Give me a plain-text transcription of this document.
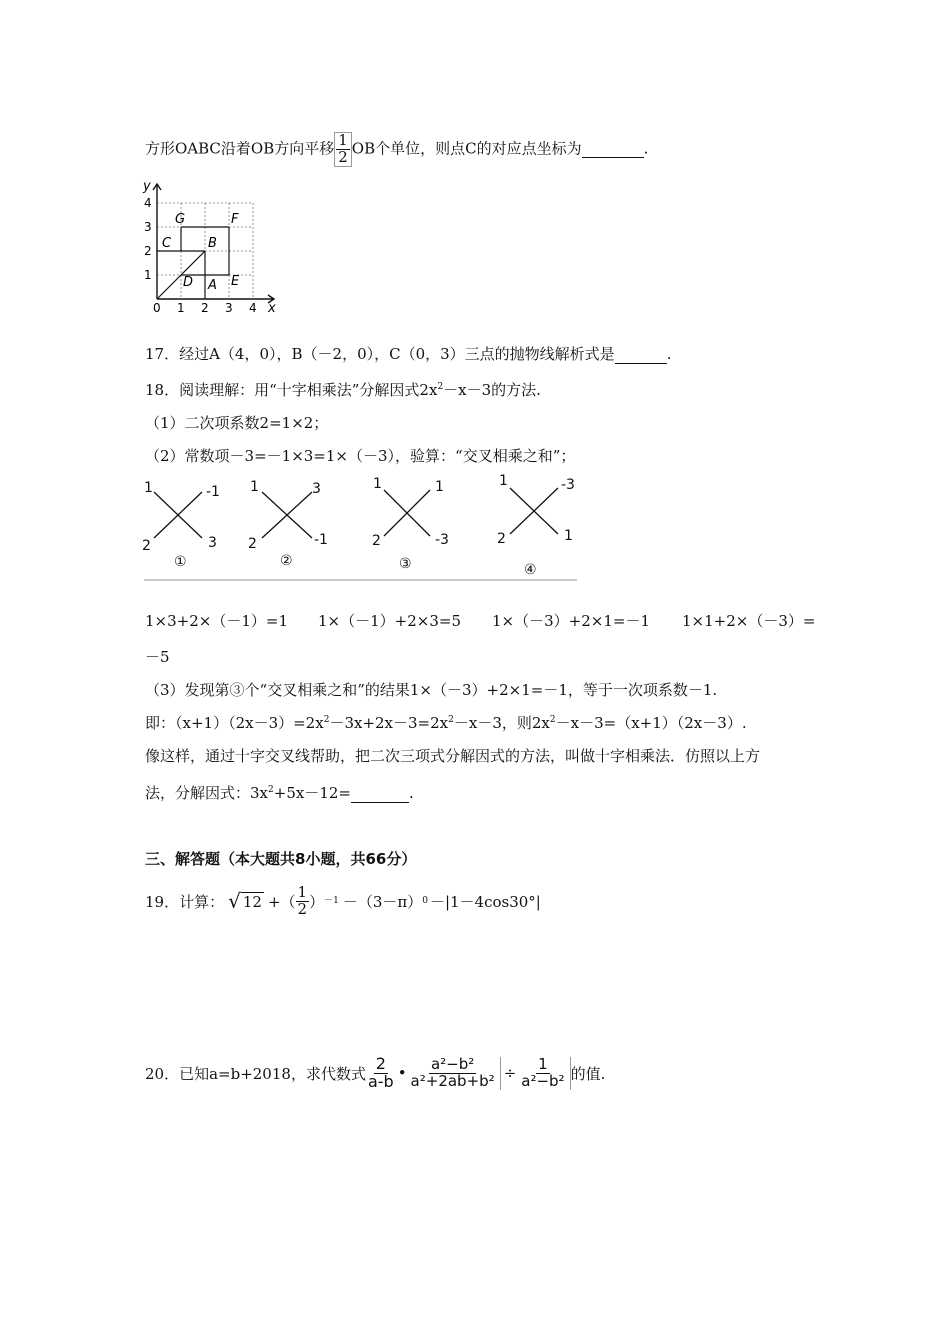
方形OABC沿着OB方向平移 $\frac{1}{2}$ OB个单位，则点C的对应点坐标为	.
y
x
0 1 2 3 4
1
2
3
4
G	F
C	B
D A E
17．经过A（4，0），B（－2，0），C（0，3）三点的抛物线解析式是	.
18．阅读理解：用“十字相乘法”分解因式$2x^2-x-3$的方法.
（1）二次项系数2=1×2；
（2）常数项－3=－1×3=1×（－3），验算：“交叉相乘之和”；
1	-1
2	3
①
1	3
2	-1
②
1	1
2	-3
③
1	-3
2	1
④
1×3+2×（－1）=1 1×（－1）+2×3=5 1×（－3）+2×1=－1 1×1+2×（－3）=
－5
（3）发现第③个“交叉相乘之和”的结果1×（－3）+2×1=－1，等于一次项系数－1.
即：$(x+1)(2x-3)=2x^2-3x+2x-3=2x^2-x-3$，则$2x^2-x-3=(x+1)(2x-3)$.
像这样，通过十字交叉线帮助，把二次三项式分解因式的方法，叫做十字相乘法．仿照以上方
法，分解因式：$3x^2+5x-12=$	.
三、解答题（本大题共8小题，共66分）
19．计算： √ 12 +（ $\frac{1}{2}$ ） －1 －（3－π） 0 －|1－4cos30°|
20．已知a=b+2018，求代数式 $\frac{2}{a-b}$ • $\frac{\text{a²−b²}}{\text{a²+2ab+b²}} \div \frac{1}{\text{a²−b²}}$ 的值.
